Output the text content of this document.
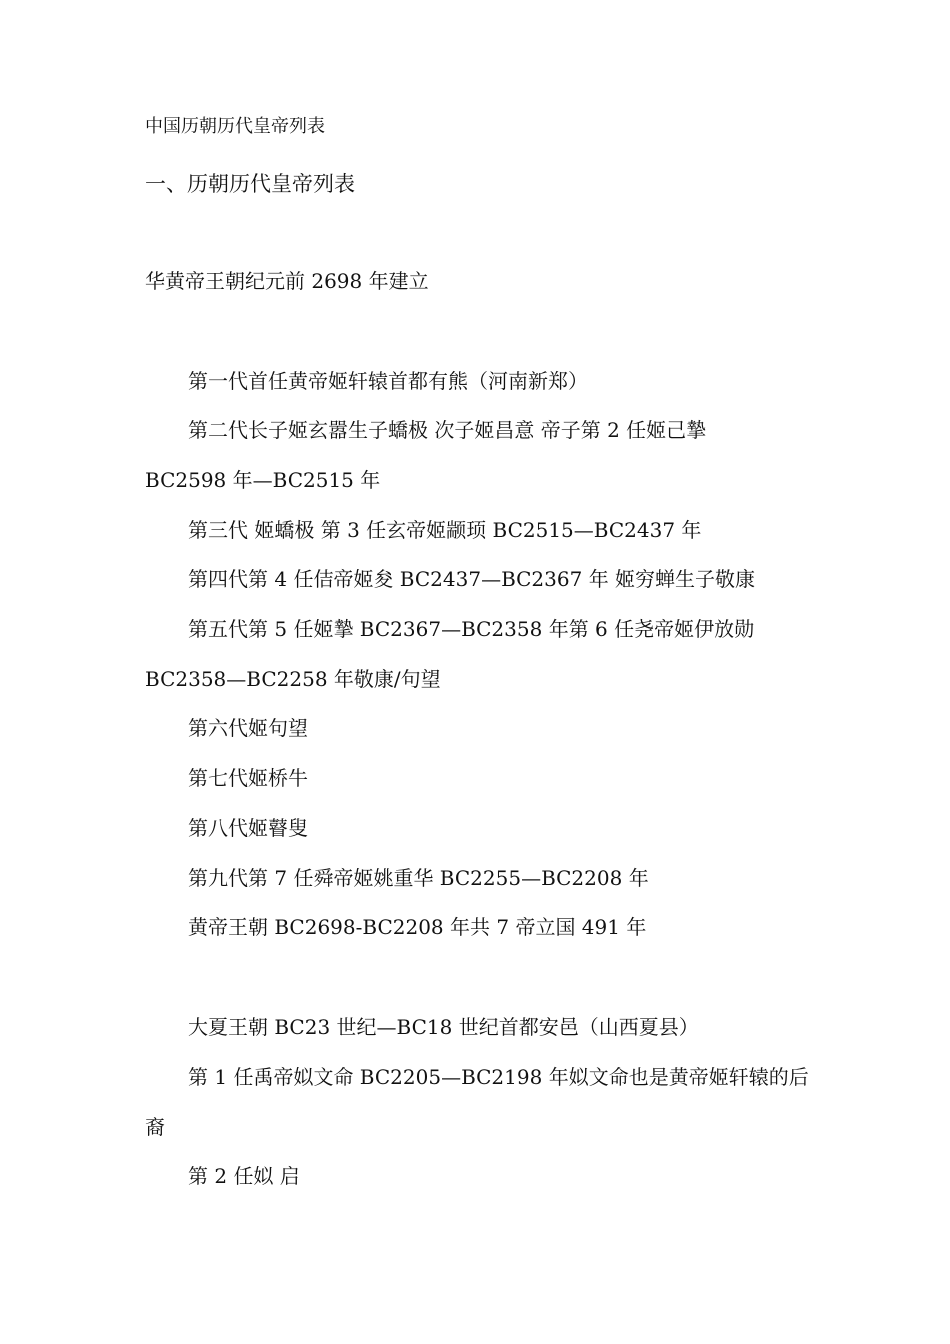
中国历朝历代皇帝列表
一、历朝历代皇帝列表
华黄帝王朝纪元前 2698 年建立
第一代首任黄帝姬轩辕首都有熊（河南新郑）
第二代长子姬玄嚣生子蟜极 次子姬昌意 帝子第 2 任姬己摯
BC2598 年—BC2515 年
第三代 姬蟜极 第 3 任玄帝姬颛顼 BC2515—BC2437 年
第四代第 4 任佶帝姬夋 BC2437—BC2367 年 姬穷蝉生子敬康
第五代第 5 任姬摯 BC2367—BC2358 年第 6 任尧帝姬伊放勋
BC2358—BC2258 年敬康/句望
第六代姬句望
第七代姬桥牛
第八代姬瞽叟
第九代第 7 任舜帝姬姚重华 BC2255—BC2208 年
黄帝王朝 BC2698-BC2208 年共 7 帝立国 491 年
大夏王朝 BC23 世纪—BC18 世纪首都安邑（山西夏县）
第 1 任禹帝姒文命 BC2205—BC2198 年姒文命也是黄帝姬轩辕的后
裔
第 2 任姒 启
